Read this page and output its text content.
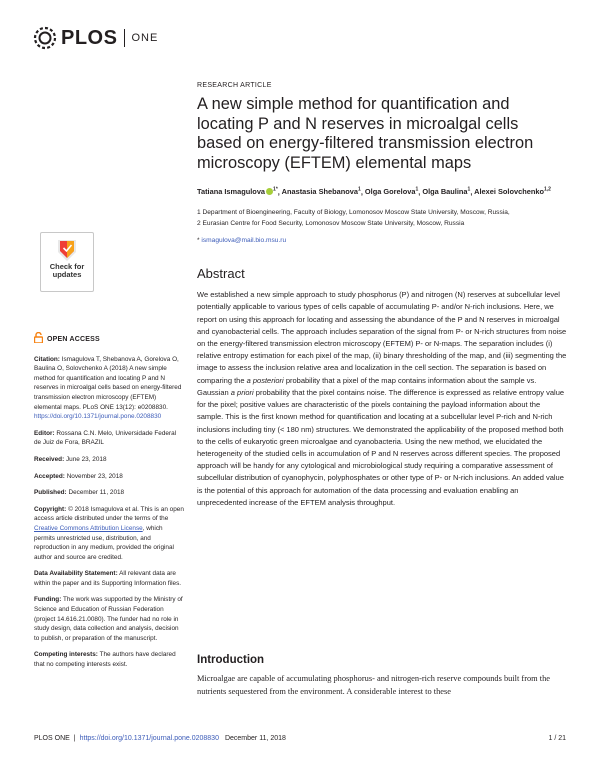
PLOS ONE
Check for
updates
OPEN ACCESS

Citation: Ismagulova T, Shebanova A, Gorelova O, Baulina O, Solovchenko A (2018) A new simple method for quantification and locating P and N reserves in microalgal cells based on energy-filtered transmission electron microscopy (EFTEM) elemental maps. PLoS ONE 13(12): e0208830. https://doi.org/10.1371/journal.pone.0208830

Editor: Rossana C.N. Melo, Universidade Federal de Juiz de Fora, BRAZIL

Received: June 23, 2018

Accepted: November 23, 2018

Published: December 11, 2018

Copyright: © 2018 Ismagulova et al. This is an open access article distributed under the terms of the Creative Commons Attribution License, which permits unrestricted use, distribution, and reproduction in any medium, provided the original author and source are credited.

Data Availability Statement: All relevant data are within the paper and its Supporting Information files.

Funding: The work was supported by the Ministry of Science and Education of Russian Federation (project 14.616.21.0080). The funder had no role in study design, data collection and analysis, decision to publish, or preparation of the manuscript.

Competing interests: The authors have declared that no competing interests exist.

RESEARCH ARTICLE

A new simple method for quantification and locating P and N reserves in microalgal cells based on energy-filtered transmission electron microscopy (EFTEM) elemental maps
Tatiana Ismagulova $^{1*}$, Anastasia Shebanova$^1$, Olga Gorelova$^1$, Olga Baulina$^1$, Alexei Solovchenko$^{1,2}$
1 Department of Bioengineering, Faculty of Biology, Lomonosov Moscow State University, Moscow, Russia,
2 Eurasian Centre for Food Security, Lomonosov Moscow State University, Moscow, Russia
* ismagulova@mail.bio.msu.ru
Abstract
We established a new simple approach to study phosphorus (P) and nitrogen (N) reserves at subcellular level potentially applicable to various types of cells capable of accumulating P- and/or N-rich inclusions. Here, we report on using this approach for locating and assessing the abundance of the P and N reserves in microalgal and cyanobacterial cells. The approach includes separation of the signal from P- or N-rich structures from noise on the energy-filtered transmission electron microscopy (EFTEM) P- or N-maps. The separation includes (i) relative entropy estimation for each pixel of the map, (ii) binary thresholding of the map, and (iii) segmenting the image to assess the inclusion relative area and localization in the cell section. The separation is based on comparing the a posteriori probability that a pixel of the map contains information about the sample vs. Gaussian a priori probability that the pixel contains noise. The difference is expressed as relative entropy value for the pixel; positive values are characteristic of the pixels containing the payload information about the sample. This is the first known method for quantification and locating at a subcellular level P-rich and N-rich inclusions including tiny (< 180 nm) structures. We demonstrated the applicability of the proposed method both to the cells of eukaryotic green microalgae and cyanobacteria. Using the new method, we elucidated the heterogeneity of the studied cells in accumulation of P and N reserves across different species. The proposed approach will be handy for any cytological and microbiological study requiring a comparative assessment of subcellular distribution of cyanophycin, polyphosphates or other type of P- or N-rich inclusions. An added value is the potential of this approach for automation of the data processing and evaluation enabling an unprecedented increase of the EFTEM analysis throughput.
Introduction
Microalgae are capable of accumulating phosphorus- and nitrogen-rich reserve compounds built from the nutrients sequestered from the environment. A considerable interest to these
PLOS ONE | https://doi.org/10.1371/journal.pone.0208830 December 11, 2018	1 / 21
